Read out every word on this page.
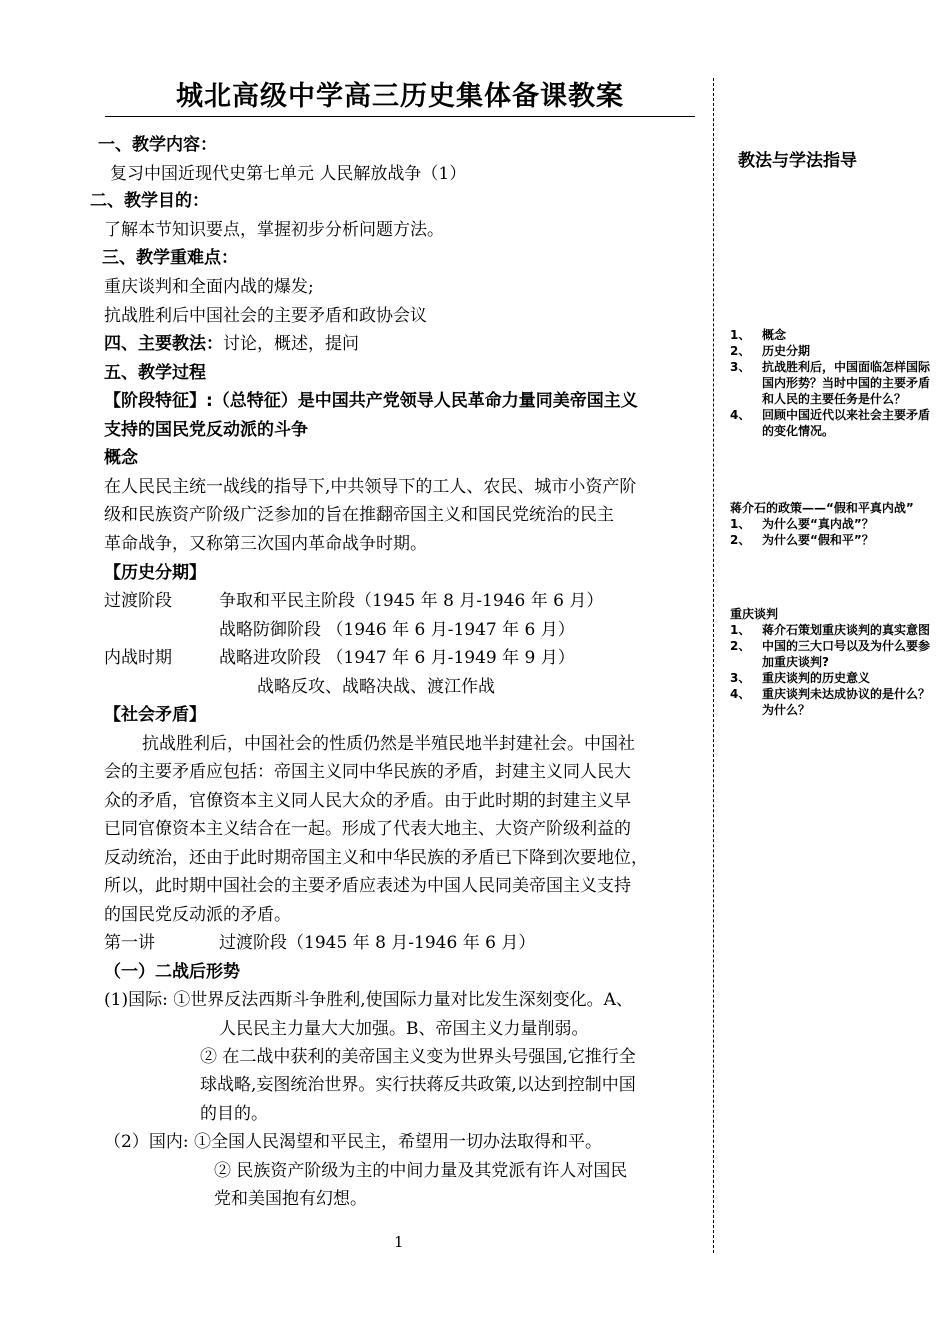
城北高级中学高三历史集体备课教案
一、教学内容：
复习中国近现代史第七单元 人民解放战争（1）
二、教学目的：
了解本节知识要点，掌握初步分析问题方法。
三、教学重难点：
重庆谈判和全面内战的爆发;
抗战胜利后中国社会的主要矛盾和政协会议
四、主要教法：讨论，概述，提问
五、教学过程
【阶段特征】:（总特征）是中国共产党领导人民革命力量同美帝国主义
支持的国民党反动派的斗争
概念
在人民民主统一战线的指导下,中共领导下的工人、农民、城市小资产阶
级和民族资产阶级广泛参加的旨在推翻帝国主义和国民党统治的民主
革命战争，又称第三次国内革命战争时期。
【历史分期】
过渡阶段	争取和平民主阶段（1945 年 8 月-1946 年 6 月）
战略防御阶段 （1946 年 6 月-1947 年 6 月）
内战时期	战略进攻阶段 （1947 年 6 月-1949 年 9 月）
战略反攻、战略决战、渡江作战
【社会矛盾】
抗战胜利后，中国社会的性质仍然是半殖民地半封建社会。中国社
会的主要矛盾应包括：帝国主义同中华民族的矛盾，封建主义同人民大
众的矛盾，官僚资本主义同人民大众的矛盾。由于此时期的封建主义早
已同官僚资本主义结合在一起。形成了代表大地主、大资产阶级利益的
反动统治，还由于此时期帝国主义和中华民族的矛盾已下降到次要地位，
所以，此时期中国社会的主要矛盾应表述为中国人民同美帝国主义支持
的国民党反动派的矛盾。
第一讲	过渡阶段（1945 年 8 月-1946 年 6 月）
（一）二战后形势
(1)国际: ①世界反法西斯斗争胜利,使国际力量对比发生深刻变化。A、
人民民主力量大大加强。B、帝国主义力量削弱。
② 在二战中获利的美帝国主义变为世界头号强国,它推行全
球战略,妄图统治世界。实行扶蒋反共政策,以达到控制中国
的目的。
（2）国内: ①全国人民渴望和平民主，希望用一切办法取得和平。
② 民族资产阶级为主的中间力量及其党派有许人对国民
党和美国抱有幻想。
教法与学法指导
1、 概念
2、 历史分期
3、 抗战胜利后，中国面临怎样国际国内形势？当时中国的主要矛盾和人民的主要任务是什么？
4、 回顾中国近代以来社会主要矛盾的变化情况。
蒋介石的政策——“假和平真内战”
1、 为什么要“真内战”？
2、 为什么要“假和平”？
重庆谈判
1、 蒋介石策划重庆谈判的真实意图
2、 中国的三大口号以及为什么要参加重庆谈判?
3、 重庆谈判的历史意义
4、 重庆谈判未达成协议的是什么？为什么？
1
